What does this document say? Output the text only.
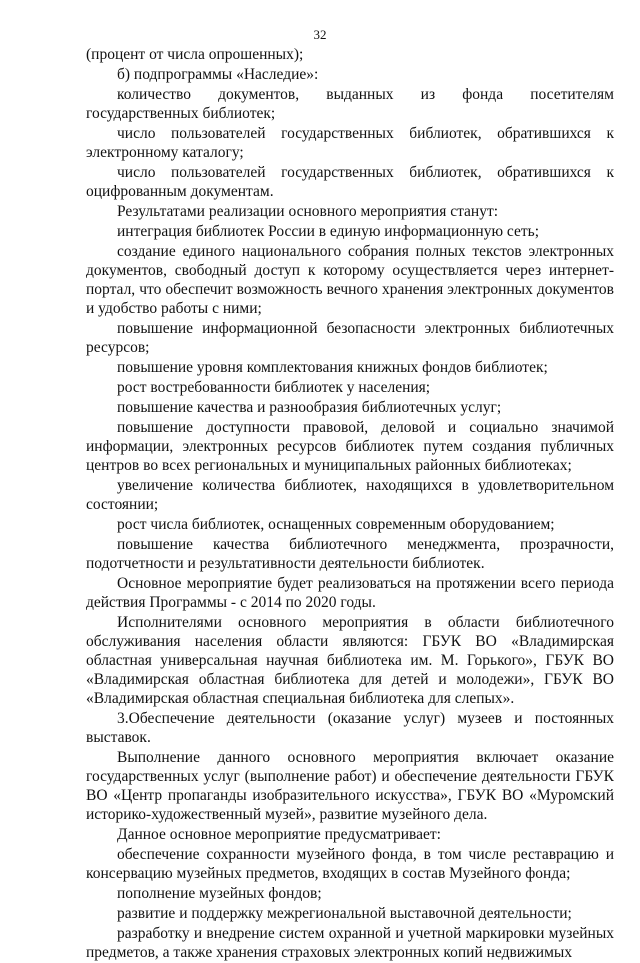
32

(процент от числа опрошенных);

б) подпрограммы «Наследие»:

количество документов, выданных из фонда посетителям государственных библиотек;

число пользователей государственных библиотек, обратившихся к электронному каталогу;

число пользователей государственных библиотек, обратившихся к оцифрованным документам.

Результатами реализации основного мероприятия станут:

интеграция библиотек России в единую информационную сеть;

создание единого национального собрания полных текстов электронных документов, свободный доступ к которому осуществляется через интернет-портал, что обеспечит возможность вечного хранения электронных документов и удобство работы с ними;

повышение информационной безопасности электронных библиотечных ресурсов;

повышение уровня комплектования книжных фондов библиотек;

рост востребованности библиотек у населения;

повышение качества и разнообразия библиотечных услуг;

повышение доступности правовой, деловой и социально значимой информации, электронных ресурсов библиотек путем создания публичных центров во всех региональных и муниципальных районных библиотеках;

увеличение количества библиотек, находящихся в удовлетворительном состоянии;

рост числа библиотек, оснащенных современным оборудованием;

повышение качества библиотечного менеджмента, прозрачности, подотчетности и результативности деятельности библиотек.

Основное мероприятие будет реализоваться на протяжении всего периода действия Программы - с 2014 по 2020 годы.

Исполнителями основного мероприятия в области библиотечного обслуживания населения области являются: ГБУК ВО «Владимирская областная универсальная научная библиотека им. М. Горького», ГБУК ВО «Владимирская областная библиотека для детей и молодежи», ГБУК ВО «Владимирская областная специальная библиотека для слепых».

3.Обеспечение деятельности (оказание услуг) музеев и постоянных выставок.

Выполнение данного основного мероприятия включает оказание государственных услуг (выполнение работ) и обеспечение деятельности ГБУК ВО «Центр пропаганды изобразительного искусства», ГБУК ВО «Муромский историко-художественный музей», развитие музейного дела.

Данное основное мероприятие предусматривает:

обеспечение сохранности музейного фонда, в том числе реставрацию и консервацию музейных предметов, входящих в состав Музейного фонда;

пополнение музейных фондов;

развитие и поддержку межрегиональной выставочной деятельности;

разработку и внедрение систем охранной и учетной маркировки музейных предметов, а также хранения страховых электронных копий недвижимых
